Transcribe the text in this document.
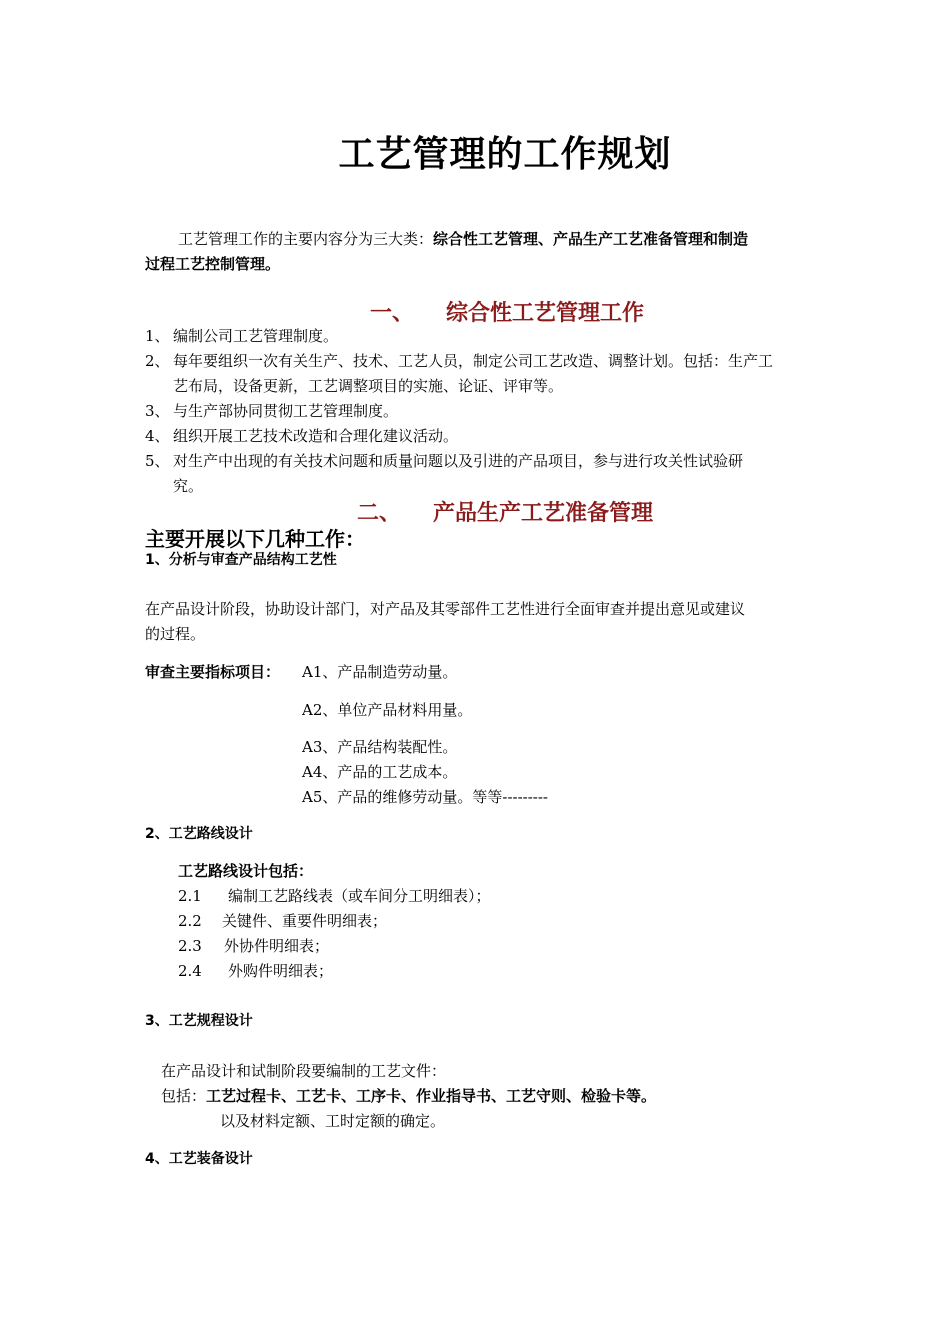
工艺管理的工作规划
工艺管理工作的主要内容分为三大类：综合性工艺管理、产品生产工艺准备管理和制造
过程工艺控制管理。
一、 综合性工艺管理工作
1、 编制公司工艺管理制度。
2、 每年要组织一次有关生产、技术、工艺人员，制定公司工艺改造、调整计划。包括：生产工
艺布局，设备更新，工艺调整项目的实施、论证、评审等。
3、 与生产部协同贯彻工艺管理制度。
4、 组织开展工艺技术改造和合理化建议活动。
5、 对生产中出现的有关技术问题和质量问题以及引进的产品项目，参与进行攻关性试验研
究。
二、 产品生产工艺准备管理
主要开展以下几种工作：
1、分析与审查产品结构工艺性
在产品设计阶段，协助设计部门，对产品及其零部件工艺性进行全面审查并提出意见或建议
的过程。
审查主要指标项目： A1、产品制造劳动量。
A2、单位产品材料用量。
A3、产品结构装配性。
A4、产品的工艺成本。
A5、产品的维修劳动量。等等---------
2、工艺路线设计
工艺路线设计包括：
2.1 编制工艺路线表（或车间分工明细表）；
2.2 关键件、重要件明细表；
2.3 外协件明细表；
2.4 外购件明细表；
3、工艺规程设计
在产品设计和试制阶段要编制的工艺文件：
包括：工艺过程卡、工艺卡、工序卡、作业指导书、工艺守则、检验卡等。
以及材料定额、工时定额的确定。
4、工艺装备设计
